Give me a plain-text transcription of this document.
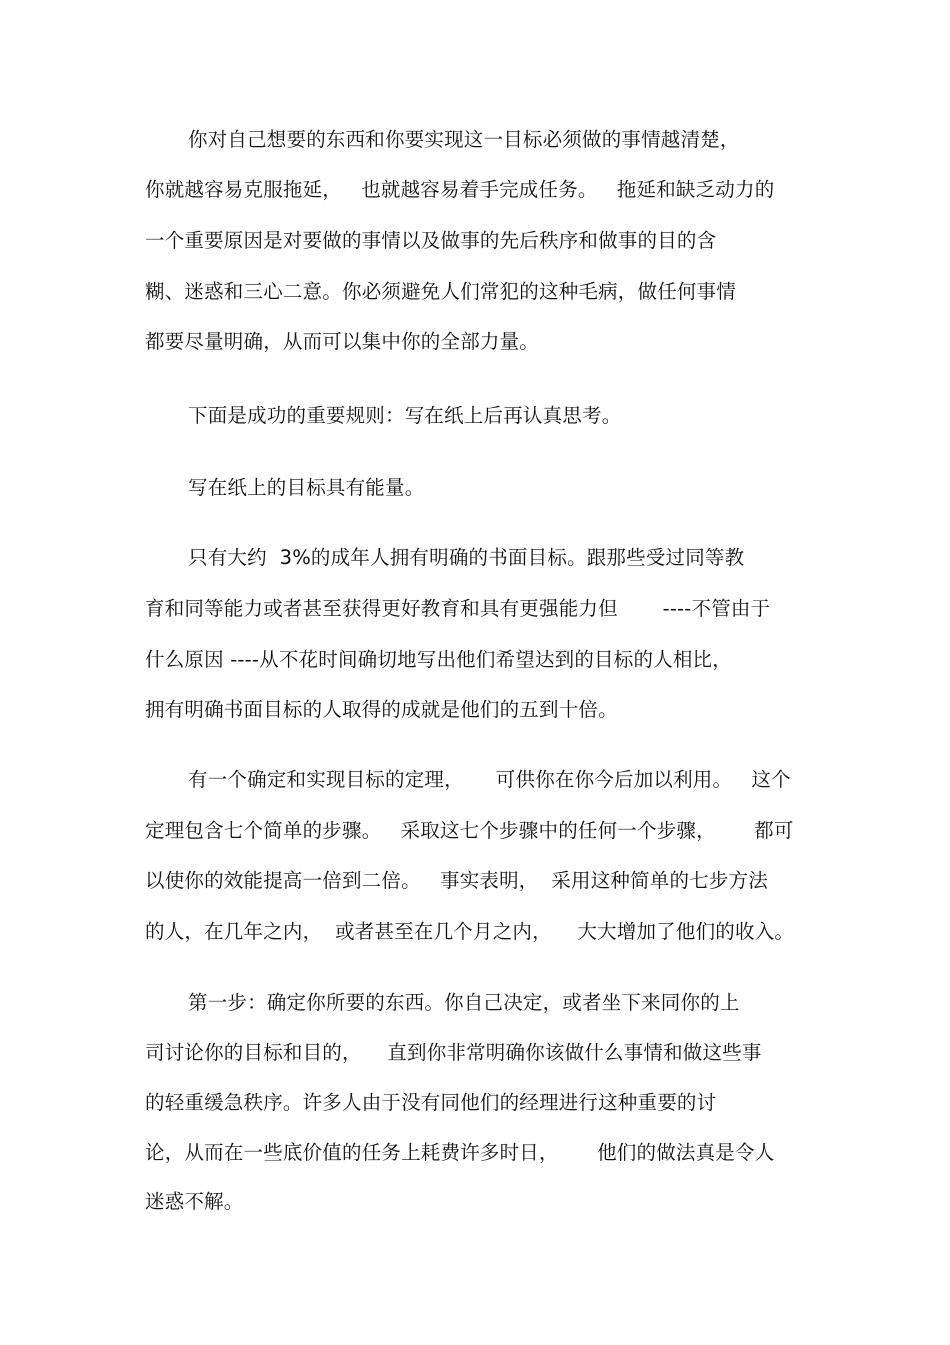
你对自己想要的东西和你要实现这一目标必须做的事情越清楚，
你就越容易克服拖延，   也就越容易着手完成任务。   拖延和缺乏动力的
一个重要原因是对要做的事情以及做事的先后秩序和做事的目的含
糊、迷惑和三心二意。你必须避免人们常犯的这种毛病，做任何事情
都要尽量明确，从而可以集中你的全部力量。
下面是成功的重要规则：写在纸上后再认真思考。
写在纸上的目标具有能量。
只有大约  3%的成年人拥有明确的书面目标。跟那些受过同等教
育和同等能力或者甚至获得更好教育和具有更强能力但       ----不管由于
什么原因 ----从不花时间确切地写出他们希望达到的目标的人相比，
拥有明确书面目标的人取得的成就是他们的五到十倍。
有一个确定和实现目标的定理，     可供你在你今后加以利用。   这个
定理包含七个简单的步骤。   采取这七个步骤中的任何一个步骤，      都可
以使你的效能提高一倍到二倍。   事实表明，  采用这种简单的七步方法
的人，在几年之内，  或者甚至在几个月之内，    大大增加了他们的收入。
第一步：确定你所要的东西。你自己决定，或者坐下来同你的上
司讨论你的目标和目的，    直到你非常明确你该做什么事情和做这些事
的轻重缓急秩序。许多人由于没有同他们的经理进行这种重要的讨
论，从而在一些底价值的任务上耗费许多时日，      他们的做法真是令人
迷惑不解。
